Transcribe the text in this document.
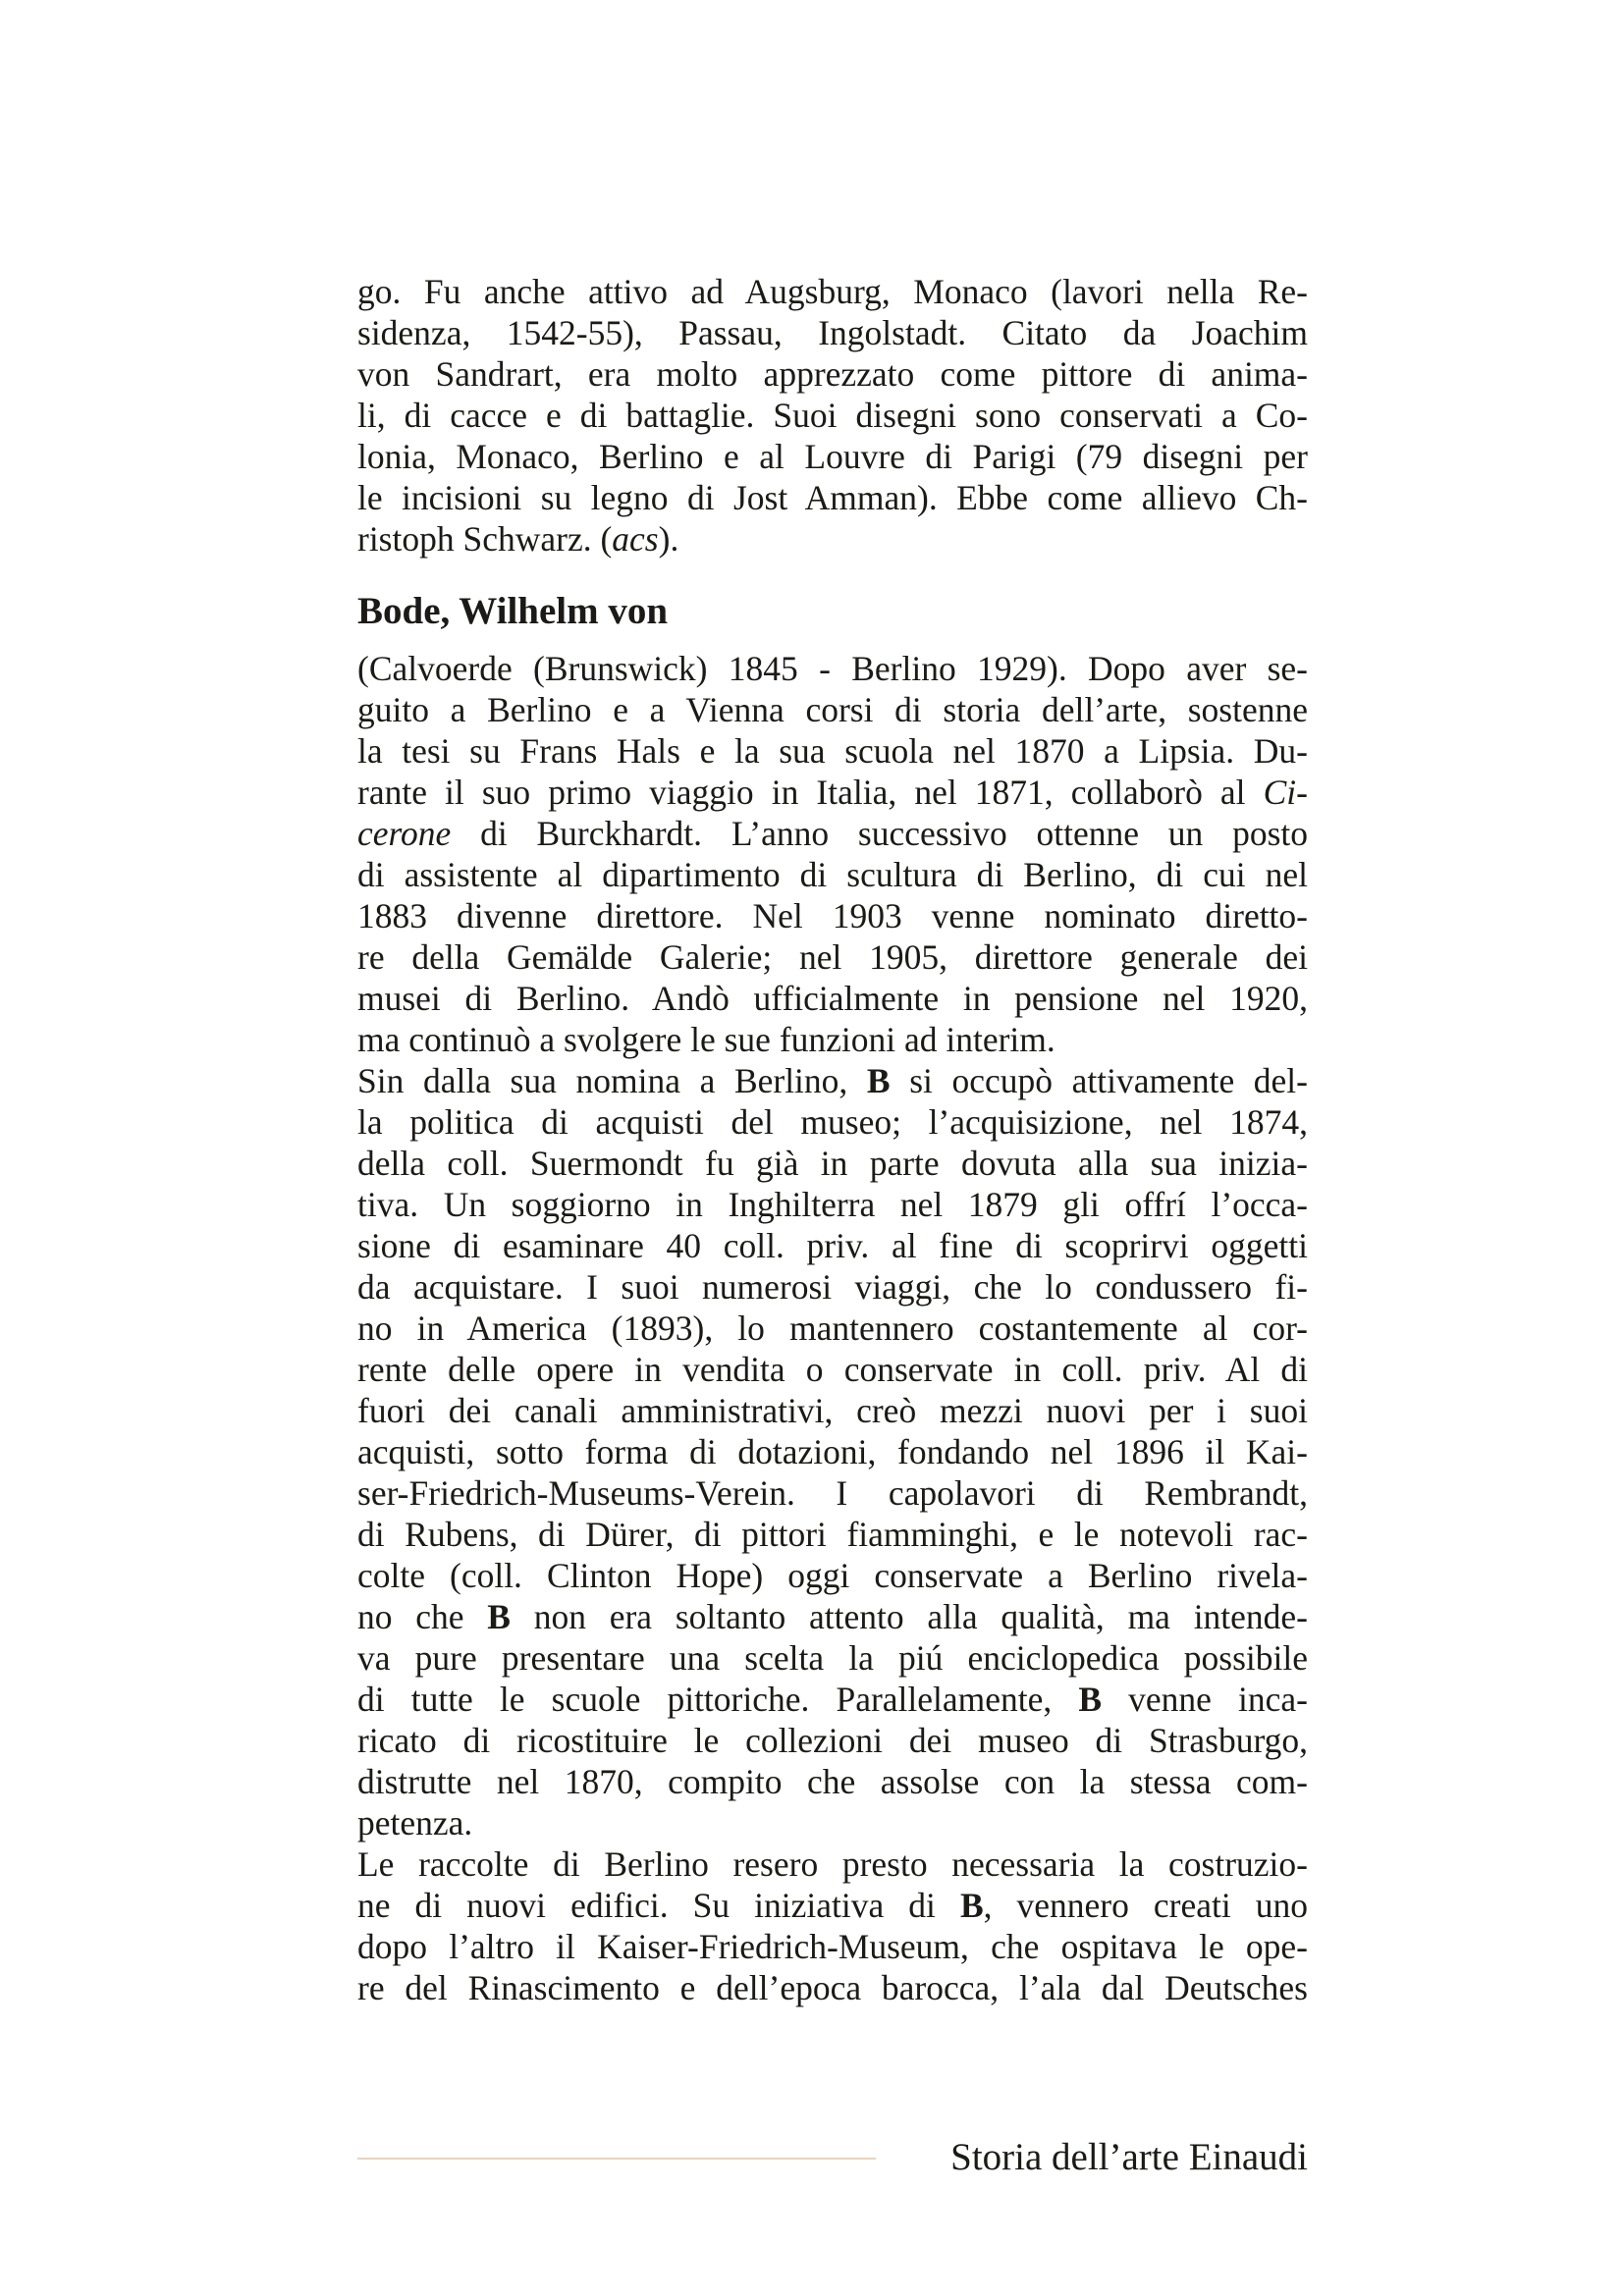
go. Fu anche attivo ad Augsburg, Monaco (lavori nella Re-
sidenza, 1542-55), Passau, Ingolstadt. Citato da Joachim
von Sandrart, era molto apprezzato come pittore di anima-
li, di cacce e di battaglie. Suoi disegni sono conservati a Co-
lonia, Monaco, Berlino e al Louvre di Parigi (79 disegni per
le incisioni su legno di Jost Amman). Ebbe come allievo Ch-
ristoph Schwarz. (acs).
Bode, Wilhelm von
(Calvoerde (Brunswick) 1845 - Berlino 1929). Dopo aver se-
guito a Berlino e a Vienna corsi di storia dell’arte, sostenne
la tesi su Frans Hals e la sua scuola nel 1870 a Lipsia. Du-
rante il suo primo viaggio in Italia, nel 1871, collaborò al Ci-
cerone di Burckhardt. L’anno successivo ottenne un posto
di assistente al dipartimento di scultura di Berlino, di cui nel
1883 divenne direttore. Nel 1903 venne nominato diretto-
re della Gemälde Galerie; nel 1905, direttore generale dei
musei di Berlino. Andò ufficialmente in pensione nel 1920,
ma continuò a svolgere le sue funzioni ad interim.
Sin dalla sua nomina a Berlino, B si occupò attivamente del-
la politica di acquisti del museo; l’acquisizione, nel 1874,
della coll. Suermondt fu già in parte dovuta alla sua inizia-
tiva. Un soggiorno in Inghilterra nel 1879 gli offrí l’occa-
sione di esaminare 40 coll. priv. al fine di scoprirvi oggetti
da acquistare. I suoi numerosi viaggi, che lo condussero fi-
no in America (1893), lo mantennero costantemente al cor-
rente delle opere in vendita o conservate in coll. priv. Al di
fuori dei canali amministrativi, creò mezzi nuovi per i suoi
acquisti, sotto forma di dotazioni, fondando nel 1896 il Kai-
ser-Friedrich-Museums-Verein. I capolavori di Rembrandt,
di Rubens, di Dürer, di pittori fiamminghi, e le notevoli rac-
colte (coll. Clinton Hope) oggi conservate a Berlino rivela-
no che B non era soltanto attento alla qualità, ma intende-
va pure presentare una scelta la piú enciclopedica possibile
di tutte le scuole pittoriche. Parallelamente, B venne inca-
ricato di ricostituire le collezioni dei museo di Strasburgo,
distrutte nel 1870, compito che assolse con la stessa com-
petenza.
Le raccolte di Berlino resero presto necessaria la costruzio-
ne di nuovi edifici. Su iniziativa di B, vennero creati uno
dopo l’altro il Kaiser-Friedrich-Museum, che ospitava le ope-
re del Rinascimento e dell’epoca barocca, l’ala dal Deutsches
Storia dell’arte Einaudi
